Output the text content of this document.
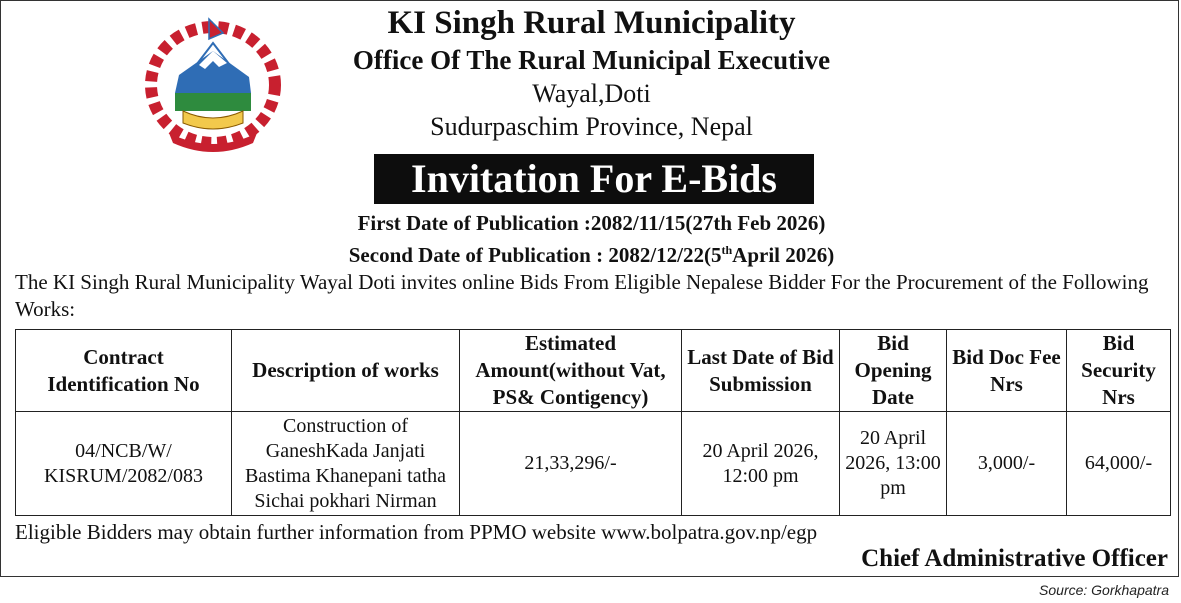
KI Singh Rural Municipality
Office Of The Rural Municipal Executive
Wayal,Doti
Sudurpaschim Province, Nepal
Invitation For E-Bids
First Date of Publication :2082/11/15(27th Feb 2026)
Second Date of Publication : 2082/12/22(5thApril 2026)
The KI Singh Rural Municipality Wayal Doti invites online Bids From Eligible Nepalese Bidder For the Procurement of the Following Works:
Contract Identification No	Description of works	Estimated Amount(without Vat, PS& Contigency)	Last Date of Bid Submission	Bid Opening Date	Bid Doc Fee Nrs	Bid Security Nrs
04/NCB/W/ KISRUM/2082/083	Construction of GaneshKada Janjati Bastima Khanepani tatha Sichai pokhari Nirman	21,33,296/-	20 April 2026, 12:00 pm	20 April 2026, 13:00 pm	3,000/-	64,000/-
Eligible Bidders may obtain further information from PPMO website www.bolpatra.gov.np/egp
Chief Administrative Officer
Source: Gorkhapatra
